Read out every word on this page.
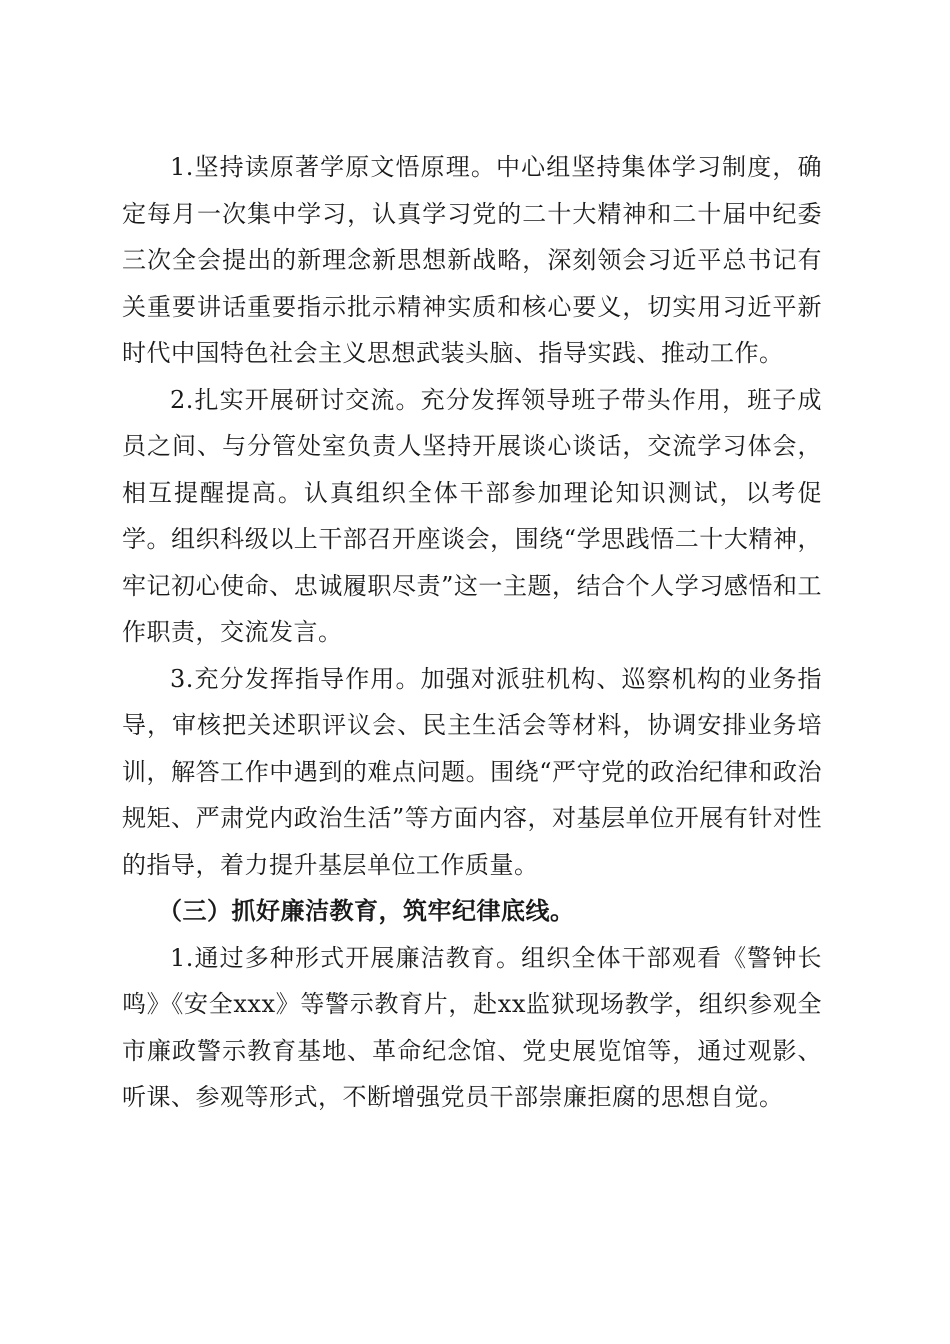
1.坚持读原著学原文悟原理。中心组坚持集体学习制度，确定每月一次集中学习，认真学习党的二十大精神和二十届中纪委三次全会提出的新理念新思想新战略，深刻领会习近平总书记有关重要讲话重要指示批示精神实质和核心要义，切实用习近平新时代中国特色社会主义思想武装头脑、指导实践、推动工作。

2.扎实开展研讨交流。充分发挥领导班子带头作用，班子成员之间、与分管处室负责人坚持开展谈心谈话，交流学习体会，相互提醒提高。认真组织全体干部参加理论知识测试，以考促学。组织科级以上干部召开座谈会，围绕“学思践悟二十大精神，牢记初心使命、忠诚履职尽责”这一主题，结合个人学习感悟和工作职责，交流发言。

3.充分发挥指导作用。加强对派驻机构、巡察机构的业务指导，审核把关述职评议会、民主生活会等材料，协调安排业务培训，解答工作中遇到的难点问题。围绕“严守党的政治纪律和政治规矩、严肃党内政治生活”等方面内容，对基层单位开展有针对性的指导，着力提升基层单位工作质量。

（三）抓好廉洁教育，筑牢纪律底线。

1.通过多种形式开展廉洁教育。组织全体干部观看《警钟长鸣》《安全xxx》等警示教育片，赴xx监狱现场教学，组织参观全市廉政警示教育基地、革命纪念馆、党史展览馆等，通过观影、听课、参观等形式，不断增强党员干部崇廉拒腐的思想自觉。
